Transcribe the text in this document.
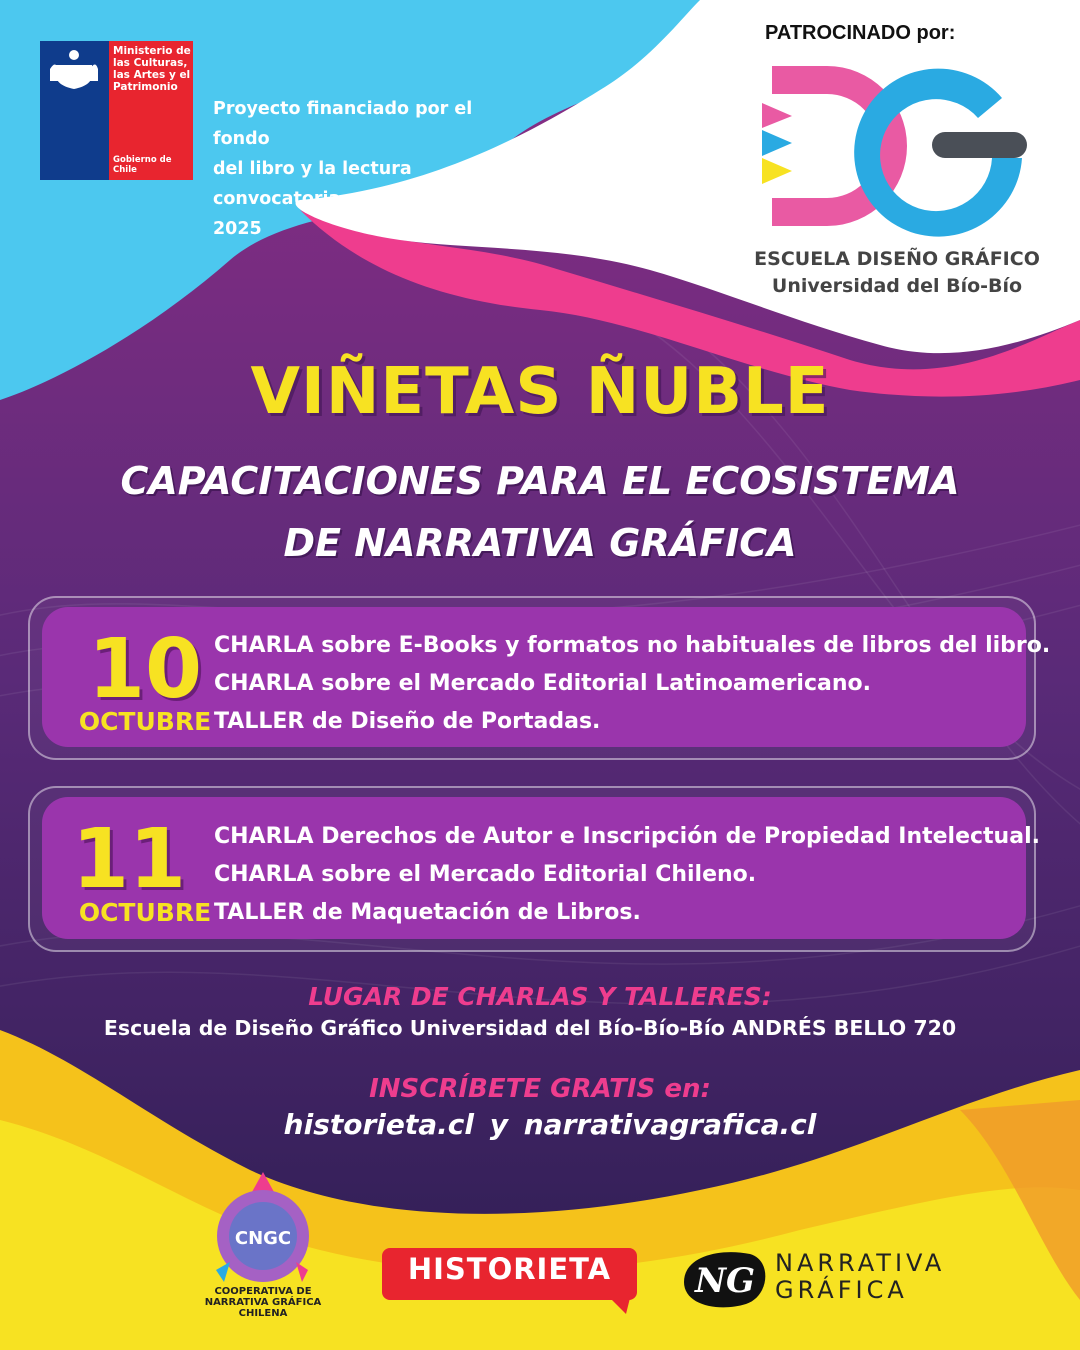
Ministerio de
las Culturas,
las Artes y el
Patrimonio
Gobierno de Chile
Proyecto financiado por el fondo
del libro y la lectura convocatoria
2025
PATROCINADO por:
ESCUELA DISEÑO GRÁFICO
Universidad del Bío-Bío
VIÑETAS ÑUBLE
CAPACITACIONES PARA EL ECOSISTEMA
DE NARRATIVA GRÁFICA
10
OCTUBRE
CHARLA sobre E-Books y formatos no habituales de libros del libro.
CHARLA sobre el Mercado Editorial Latinoamericano.
TALLER de Diseño de Portadas.
11
OCTUBRE
CHARLA Derechos de Autor e Inscripción de Propiedad Intelectual.
CHARLA sobre el Mercado Editorial Chileno.
TALLER de Maquetación de Libros.
LUGAR DE CHARLAS Y TALLERES:
Escuela de Diseño Gráfico Universidad del Bío-Bío-Bío ANDRÉS BELLO 720
INSCRÍBETE GRATIS en:
historieta.cl y narrativagrafica.cl
CNGC
COOPERATIVA DE
NARRATIVA GRÁFICA
CHILENA
HISTORIETA	NG NARRATIVA
GRÁFICA
